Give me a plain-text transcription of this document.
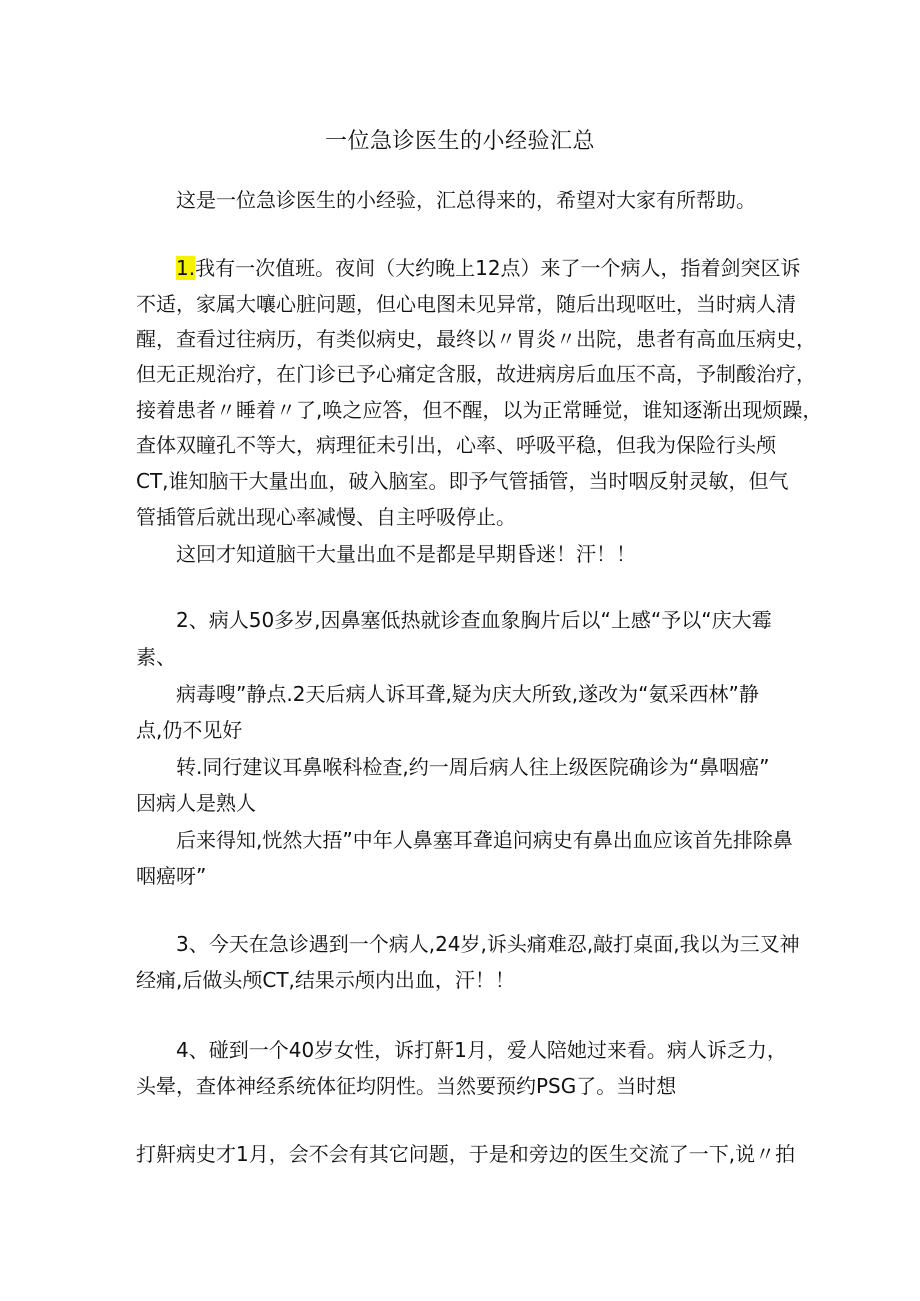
一位急诊医生的小经验汇总
这是一位急诊医生的小经验，汇总得来的，希望对大家有所帮助。
1.我有一次值班。夜间（大约晚上12点）来了一个病人，指着剑突区诉
不适，家属大嚷心脏问题，但心电图未见异常，随后出现呕吐，当时病人清
醒，查看过往病历，有类似病史，最终以〃胃炎〃出院，患者有高血压病史，
但无正规治疗，在门诊已予心痛定含服，故进病房后血压不高，予制酸治疗，
接着患者〃睡着〃了,唤之应答，但不醒，以为正常睡觉，谁知逐渐出现烦躁，
查体双瞳孔不等大，病理征未引出，心率、呼吸平稳，但我为保险行头颅
CT,谁知脑干大量出血，破入脑室。即予气管插管，当时咽反射灵敏，但气
管插管后就出现心率减慢、自主呼吸停止。
这回才知道脑干大量出血不是都是早期昏迷！汗！！
2、病人50多岁,因鼻塞低热就诊查血象胸片后以“上感“予以“庆大霉
素、
病毒嗖”静点.2天后病人诉耳聋,疑为庆大所致,遂改为“氨采西林”静
点,仍不见好
转.同行建议耳鼻喉科检查,约一周后病人往上级医院确诊为“鼻咽癌”
因病人是熟人
后来得知,恍然大捂”中年人鼻塞耳聋追问病史有鼻出血应该首先排除鼻
咽癌呀”
3、今天在急诊遇到一个病人,24岁,诉头痛难忍,敲打桌面,我以为三叉神
经痛,后做头颅CT,结果示颅内出血，汗！！
4、碰到一个40岁女性，诉打鼾1月，爱人陪她过来看。病人诉乏力，
头晕，查体神经系统体征均阴性。当然要预约PSG了。当时想
打鼾病史才1月，会不会有其它问题，于是和旁边的医生交流了一下,说〃拍
